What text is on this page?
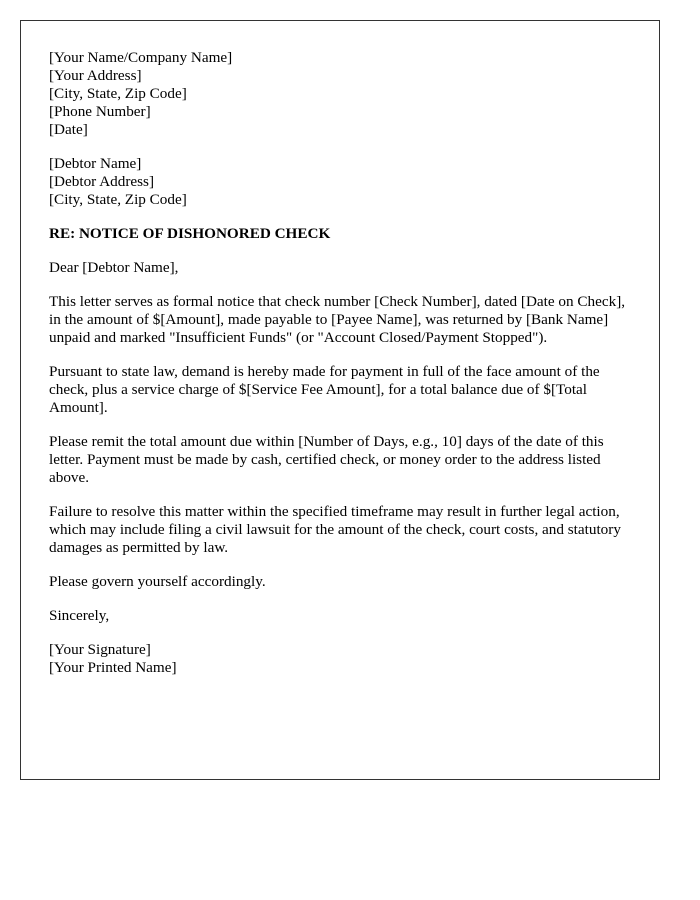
[Your Name/Company Name]
[Your Address]
[City, State, Zip Code]
[Phone Number]
[Date]
[Debtor Name]
[Debtor Address]
[City, State, Zip Code]
RE: NOTICE OF DISHONORED CHECK

Dear [Debtor Name],

This letter serves as formal notice that check number [Check Number], dated [Date on Check], in the amount of $[Amount], made payable to [Payee Name], was returned by [Bank Name] unpaid and marked "Insufficient Funds" (or "Account Closed/Payment Stopped").

Pursuant to state law, demand is hereby made for payment in full of the face amount of the check, plus a service charge of $[Service Fee Amount], for a total balance due of $[Total Amount].

Please remit the total amount due within [Number of Days, e.g., 10] days of the date of this letter. Payment must be made by cash, certified check, or money order to the address listed above.

Failure to resolve this matter within the specified timeframe may result in further legal action, which may include filing a civil lawsuit for the amount of the check, court costs, and statutory damages as permitted by law.

Please govern yourself accordingly.

Sincerely,

[Your Signature]
[Your Printed Name]
